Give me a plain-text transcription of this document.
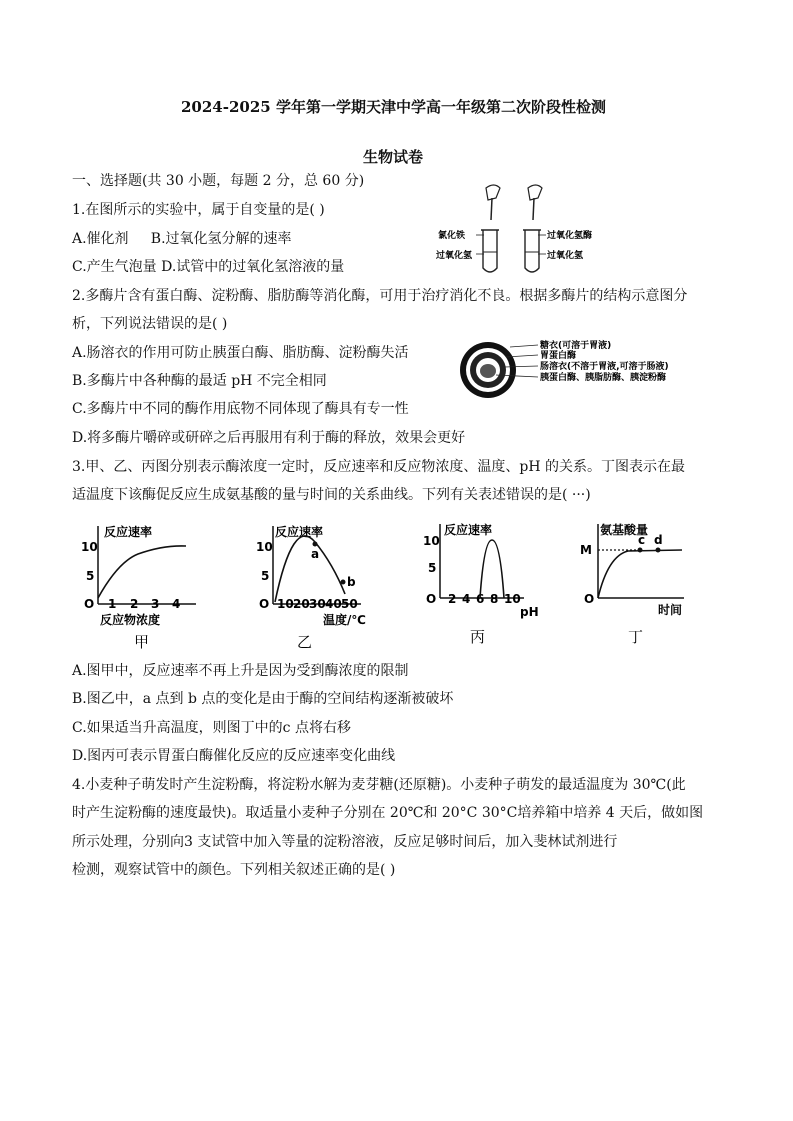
2024-2025 学年第一学期天津中学高一年级第二次阶段性检测
生物试卷
一、选择题(共 30 小题，每题 2 分，总 60 分)
1.在图所示的实验中，属于自变量的是( )
A.催化剂     B.过氧化氢分解的速率
C.产生气泡量 D.试管中的过氧化氢溶液的量
氯化铁
过氧化氢
过氧化氢酶
过氧化氢
2.多酶片含有蛋白酶、淀粉酶、脂肪酶等消化酶，可用于治疗消化不良。根据多酶片的结构示意图分
析，下列说法错误的是( )
A.肠溶衣的作用可防止胰蛋白酶、脂肪酶、淀粉酶失活
B.多酶片中各种酶的最适 pH 不完全相同
C.多酶片中不同的酶作用底物不同体现了酶具有专一性
D.将多酶片嚼碎或研碎之后再服用有利于酶的释放，效果会更好
糖衣(可溶于胃液)
胃蛋白酶
肠溶衣(不溶于胃液,可溶于肠液)
胰蛋白酶、胰脂肪酶、胰淀粉酶
3.甲、乙、丙图分别表示酶浓度一定时，反应速率和反应物浓度、温度、pH 的关系。丁图表示在最
适温度下该酶促反应生成氨基酸的量与时间的关系曲线。下列有关表述错误的是( ···)
反应速率
10
5
O 1 2 3 4
反应物浓度
甲
反应速率
10
5
O 10 20 30 40 50
a
b
温度/℃
乙
反应速率
10
5
O 2 4 6 8 10
pH
丙
氨基酸量
M
O
c d
时间
丁
A.图甲中，反应速率不再上升是因为受到酶浓度的限制
B.图乙中，a 点到 b 点的变化是由于酶的空间结构逐渐被破坏
C.如果适当升高温度，则图丁中的c 点将右移
D.图丙可表示胃蛋白酶催化反应的反应速率变化曲线
4.小麦种子萌发时产生淀粉酶，将淀粉水解为麦芽糖(还原糖)。小麦种子萌发的最适温度为 30℃(此
时产生淀粉酶的速度最快)。取适量小麦种子分别在 20℃和 20°C 30°C培养箱中培养 4 天后，做如图
所示处理，分别向3 支试管中加入等量的淀粉溶液，反应足够时间后，加入斐林试剂进行
检测，观察试管中的颜色。下列相关叙述正确的是( )
